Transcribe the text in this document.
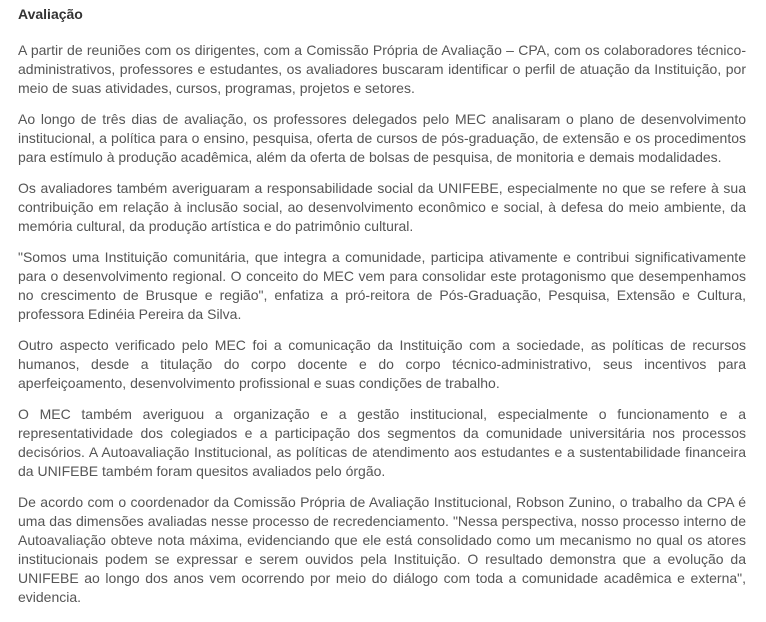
Avaliação

A partir de reuniões com os dirigentes, com a Comissão Própria de Avaliação – CPA, com os colaboradores técnico-administrativos, professores e estudantes, os avaliadores buscaram identificar o perfil de atuação da Instituição, por meio de suas atividades, cursos, programas, projetos e setores.

Ao longo de três dias de avaliação, os professores delegados pelo MEC analisaram o plano de desenvolvimento institucional, a política para o ensino, pesquisa, oferta de cursos de pós-graduação, de extensão e os procedimentos para estímulo à produção acadêmica, além da oferta de bolsas de pesquisa, de monitoria e demais modalidades.

Os avaliadores também averiguaram a responsabilidade social da UNIFEBE, especialmente no que se refere à sua contribuição em relação à inclusão social, ao desenvolvimento econômico e social, à defesa do meio ambiente, da memória cultural, da produção artística e do patrimônio cultural.

"Somos uma Instituição comunitária, que integra a comunidade, participa ativamente e contribui significativamente para o desenvolvimento regional. O conceito do MEC vem para consolidar este protagonismo que desempenhamos no crescimento de Brusque e região", enfatiza a pró-reitora de Pós-Graduação, Pesquisa, Extensão e Cultura, professora Edinéia Pereira da Silva.

Outro aspecto verificado pelo MEC foi a comunicação da Instituição com a sociedade, as políticas de recursos humanos, desde a titulação do corpo docente e do corpo técnico-administrativo, seus incentivos para aperfeiçoamento, desenvolvimento profissional e suas condições de trabalho.

O MEC também averiguou a organização e a gestão institucional, especialmente o funcionamento e a representatividade dos colegiados e a participação dos segmentos da comunidade universitária nos processos decisórios. A Autoavaliação Institucional, as políticas de atendimento aos estudantes e a sustentabilidade financeira da UNIFEBE também foram quesitos avaliados pelo órgão.

De acordo com o coordenador da Comissão Própria de Avaliação Institucional, Robson Zunino, o trabalho da CPA é uma das dimensões avaliadas nesse processo de recredenciamento. "Nessa perspectiva, nosso processo interno de Autoavaliação obteve nota máxima, evidenciando que ele está consolidado como um mecanismo no qual os atores institucionais podem se expressar e serem ouvidos pela Instituição. O resultado demonstra que a evolução da UNIFEBE ao longo dos anos vem ocorrendo por meio do diálogo com toda a comunidade acadêmica e externa", evidencia.
